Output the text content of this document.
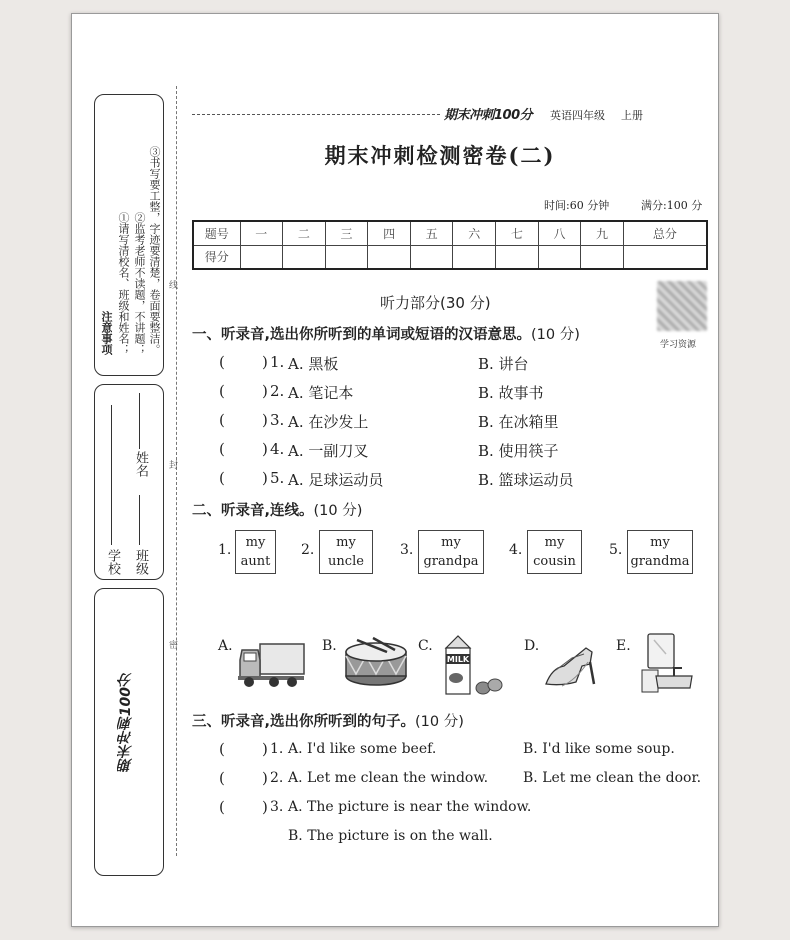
注意事项 ①请写清校名、班级和姓名； ②监考老师不读题，不讲题； ③书写要工整，字迹要清楚，卷面要整洁。
学校 班级
姓名
期末冲刺100分
线
封
密
期末冲刺100分 英语四年级 上册
期末冲刺检测密卷(二)
时间:60 分钟	满分:100 分
题号	一	二	三	四	五	六	七	八	九	总分
得分										
学习资源
听力部分(30 分)
一、听录音,选出你所听到的单词或短语的汉语意思。(10 分)
( ) 1. A. 黑板	B. 讲台
( ) 2. A. 笔记本	B. 故事书
( ) 3. A. 在沙发上	B. 在冰箱里
( ) 4. A. 一副刀叉	B. 使用筷子
( ) 5. A. 足球运动员	B. 篮球运动员
二、听录音,连线。(10 分)
1.	my
aunt
2.	my
uncle
3.	my
grandpa
4.	my
cousin
5.	my
grandma
A.	B.	C.
MILK
D.	E.
三、听录音,选出你所听到的句子。(10 分)
( ) 1. A. I'd like some beef.	B. I'd like some soup.
( ) 2. A. Let me clean the window. B. Let me clean the door.
( ) 3. A. The picture is near the window.
B. The picture is on the wall.
